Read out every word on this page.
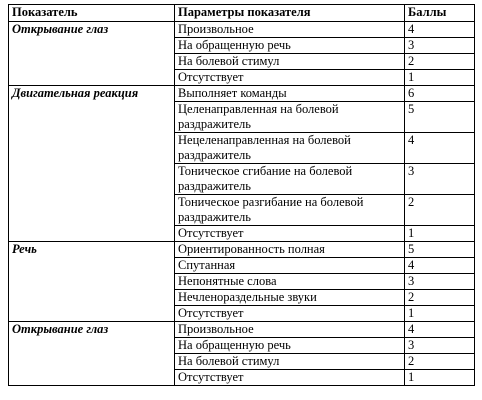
Показатель	Параметры показателя	Баллы
Открывание глаз	Произвольное	4
	На обращенную речь	3
	На болевой стимул	2
	Отсутствует	1
Двигательная реакция	Выполняет команды	6
	Целенаправленная на болевой раздражитель	5
	Нецеленаправленная на болевой раздражитель	4
	Тоническое сгибание на болевой раздражитель	3
	Тоническое разгибание на болевой раздражитель	2
	Отсутствует	1
Речь	Ориентированность полная	5
	Спутанная	4
	Непонятные слова	3
	Нечленораздельные звуки	2
	Отсутствует	1
Открывание глаз	Произвольное	4
	На обращенную речь	3
	На болевой стимул	2
	Отсутствует	1
